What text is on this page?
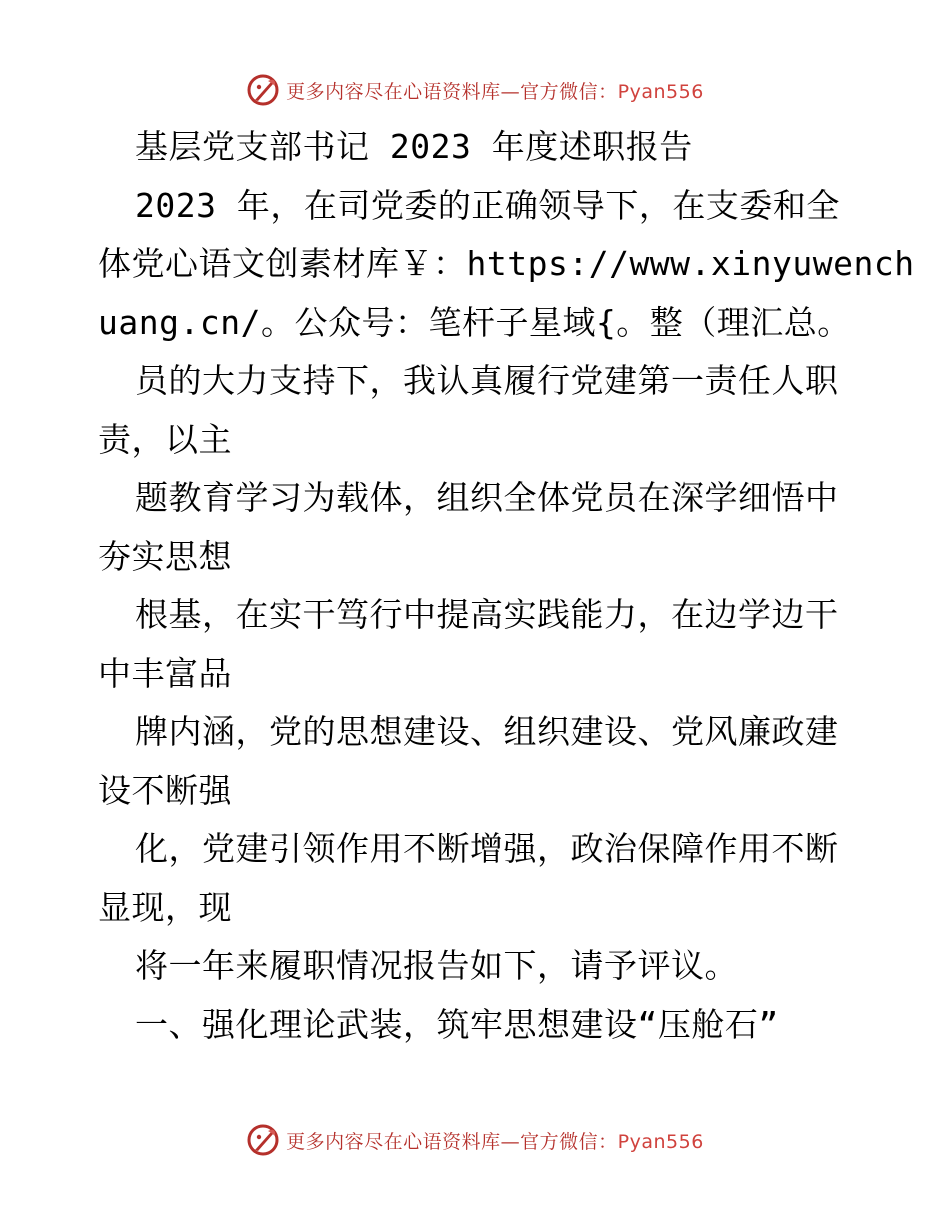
更多内容尽在心语资料库—官方微信：Pyan556
基层党支部书记 2023 年度述职报告
2023 年，在司党委的正确领导下，在支委和全
体党心语文创素材库￥：https://www.xinyuwench
uang.cn/。公众号：笔杆子星域{。整（理汇总。
员的大力支持下，我认真履行党建第一责任人职
责，以主
题教育学习为载体，组织全体党员在深学细悟中
夯实思想
根基，在实干笃行中提高实践能力，在边学边干
中丰富品
牌内涵，党的思想建设、组织建设、党风廉政建
设不断强
化，党建引领作用不断增强，政治保障作用不断
显现，现
将一年来履职情况报告如下，请予评议。
一、强化理论武装，筑牢思想建设“压舱石”
更多内容尽在心语资料库—官方微信：Pyan556
